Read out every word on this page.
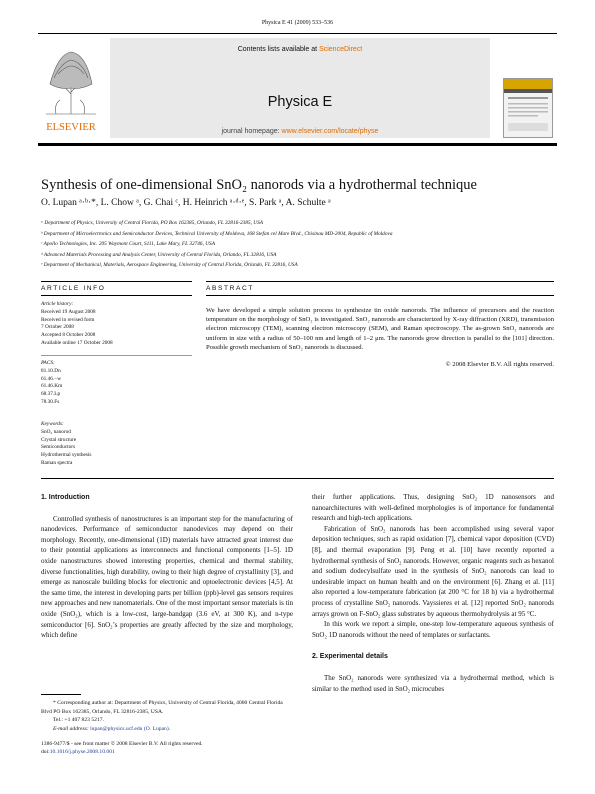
Physica E 41 (2009) 533–536
ELSEVIER
Contents lists available at ScienceDirect
Physica E
journal homepage: www.elsevier.com/locate/physe
Synthesis of one-dimensional SnO₂ nanorods via a hydrothermal technique
O. Lupan ᵃ·ᵇ·*, L. Chow ᵃ, G. Chai ᶜ, H. Heinrich ᵃ·ᵈ·ᵉ, S. Park ᵃ, A. Schulte ᵃ
ᵃ Department of Physics, University of Central Florida, PO Box 162385, Orlando, FL 32816-2385, USA
ᵇ Department of Microelectronics and Semiconductor Devices, Technical University of Moldova, 168 Stefan cel Mare Blvd., Chisinau MD-2004, Republic of Moldova
ᶜ Apollo Technologies, Inc. 205 Waymont Court, S111, Lake Mary, FL 32746, USA
ᵈ Advanced Materials Processing and Analysis Center, University of Central Florida, Orlando, FL 32816, USA
ᵉ Department of Mechanical, Materials, Aerospace Engineering, University of Central Florida, Orlando, FL 32816, USA
ARTICLE INFO	ABSTRACT
Article history:
Received 19 August 2008
Received in revised form
7 October 2008
Accepted 8 October 2008
Available online 17 October 2008
PACS:
81.10.Dn
61.46.−w
61.46.Km
68.37.Lp
78.30.Fs
Keywords:
SnO₂ nanorod
Crystal structure
Semiconductors
Hydrothermal synthesis
Raman spectra
We have developed a simple solution process to synthesize tin oxide nanorods. The influence of precursors and the reaction temperature on the morphology of SnO₂ is investigated. SnO₂ nanorods are characterized by X-ray diffraction (XRD), transmission electron microscopy (TEM), scanning electron microscopy (SEM), and Raman spectroscopy. The as-grown SnO₂ nanorods are uniform in size with a radius of 50–100 nm and length of 1–2 μm. The nanorods grow direction is parallel to the [101] direction. Possible growth mechanism of SnO₂ nanorods is discussed.
© 2008 Elsevier B.V. All rights reserved.
1. Introduction
Controlled synthesis of nanostructures is an important step for the manufacturing of nanodevices. Performance of semiconductor nanodevices may depend on their morphology. Recently, one-dimensional (1D) materials have attracted great interest due to their potential applications as interconnects and functional components [1–5]. 1D oxide nanostructures showed interesting properties, chemical and thermal stability, diverse functionalities, high durability, owing to their high degree of crystallinity [3], and emerge as nanoscale building blocks for electronic and optoelectronic devices [4,5]. At the same time, the interest in developing parts per billion (ppb)-level gas sensors requires new approaches and new nanomaterials. One of the most important sensor materials is tin oxide (SnO₂), which is a low-cost, large-bandgap (3.6 eV, at 300 K), and n-type semiconductor [6]. SnO₂’s properties are greatly affected by the size and morphology, which define
* Corresponding author at: Department of Physics, University of Central Florida, 4000 Central Florida Blvd PO Box 162385, Orlando, FL 32816-2385, USA.
Tel.: +1 407 823 5217.
E-mail address: lupan@physics.ucf.edu (O. Lupan).
1386-9477/$ - see front matter © 2008 Elsevier B.V. All rights reserved.
doi:10.1016/j.physe.2008.10.001
their further applications. Thus, designing SnO₂ 1D nanosensors and nanoarchitectures with well-defined morphologies is of importance for fundamental research and high-tech applications.
Fabrication of SnO₂ nanorods has been accomplished using several vapor deposition techniques, such as rapid oxidation [7], chemical vapor deposition (CVD) [8], and thermal evaporation [9]. Peng et al. [10] have recently reported a hydrothermal synthesis of SnO₂ nanorods. However, organic reagents such as hexanol and sodium dodecylsulfate used in the synthesis of SnO₂ nanorods can lead to undesirable impact on human health and on the environment [6]. Zhang et al. [11] also reported a low-temperature fabrication (at 200 °C for 18 h) via a hydrothermal process of crystalline SnO₂ nanorods. Vayssieres et al. [12] reported SnO₂ nanorods arrays grown on F-SnO₂ glass substrates by aqueous thermohydrolysis at 95 °C.
In this work we report a simple, one-step low-temperature aqueous synthesis of SnO₂ 1D nanorods without the need of templates or surfactants.
2. Experimental details
The SnO₂ nanorods were synthesized via a hydrothermal method, which is similar to the method used in SnO₂ microcubes
